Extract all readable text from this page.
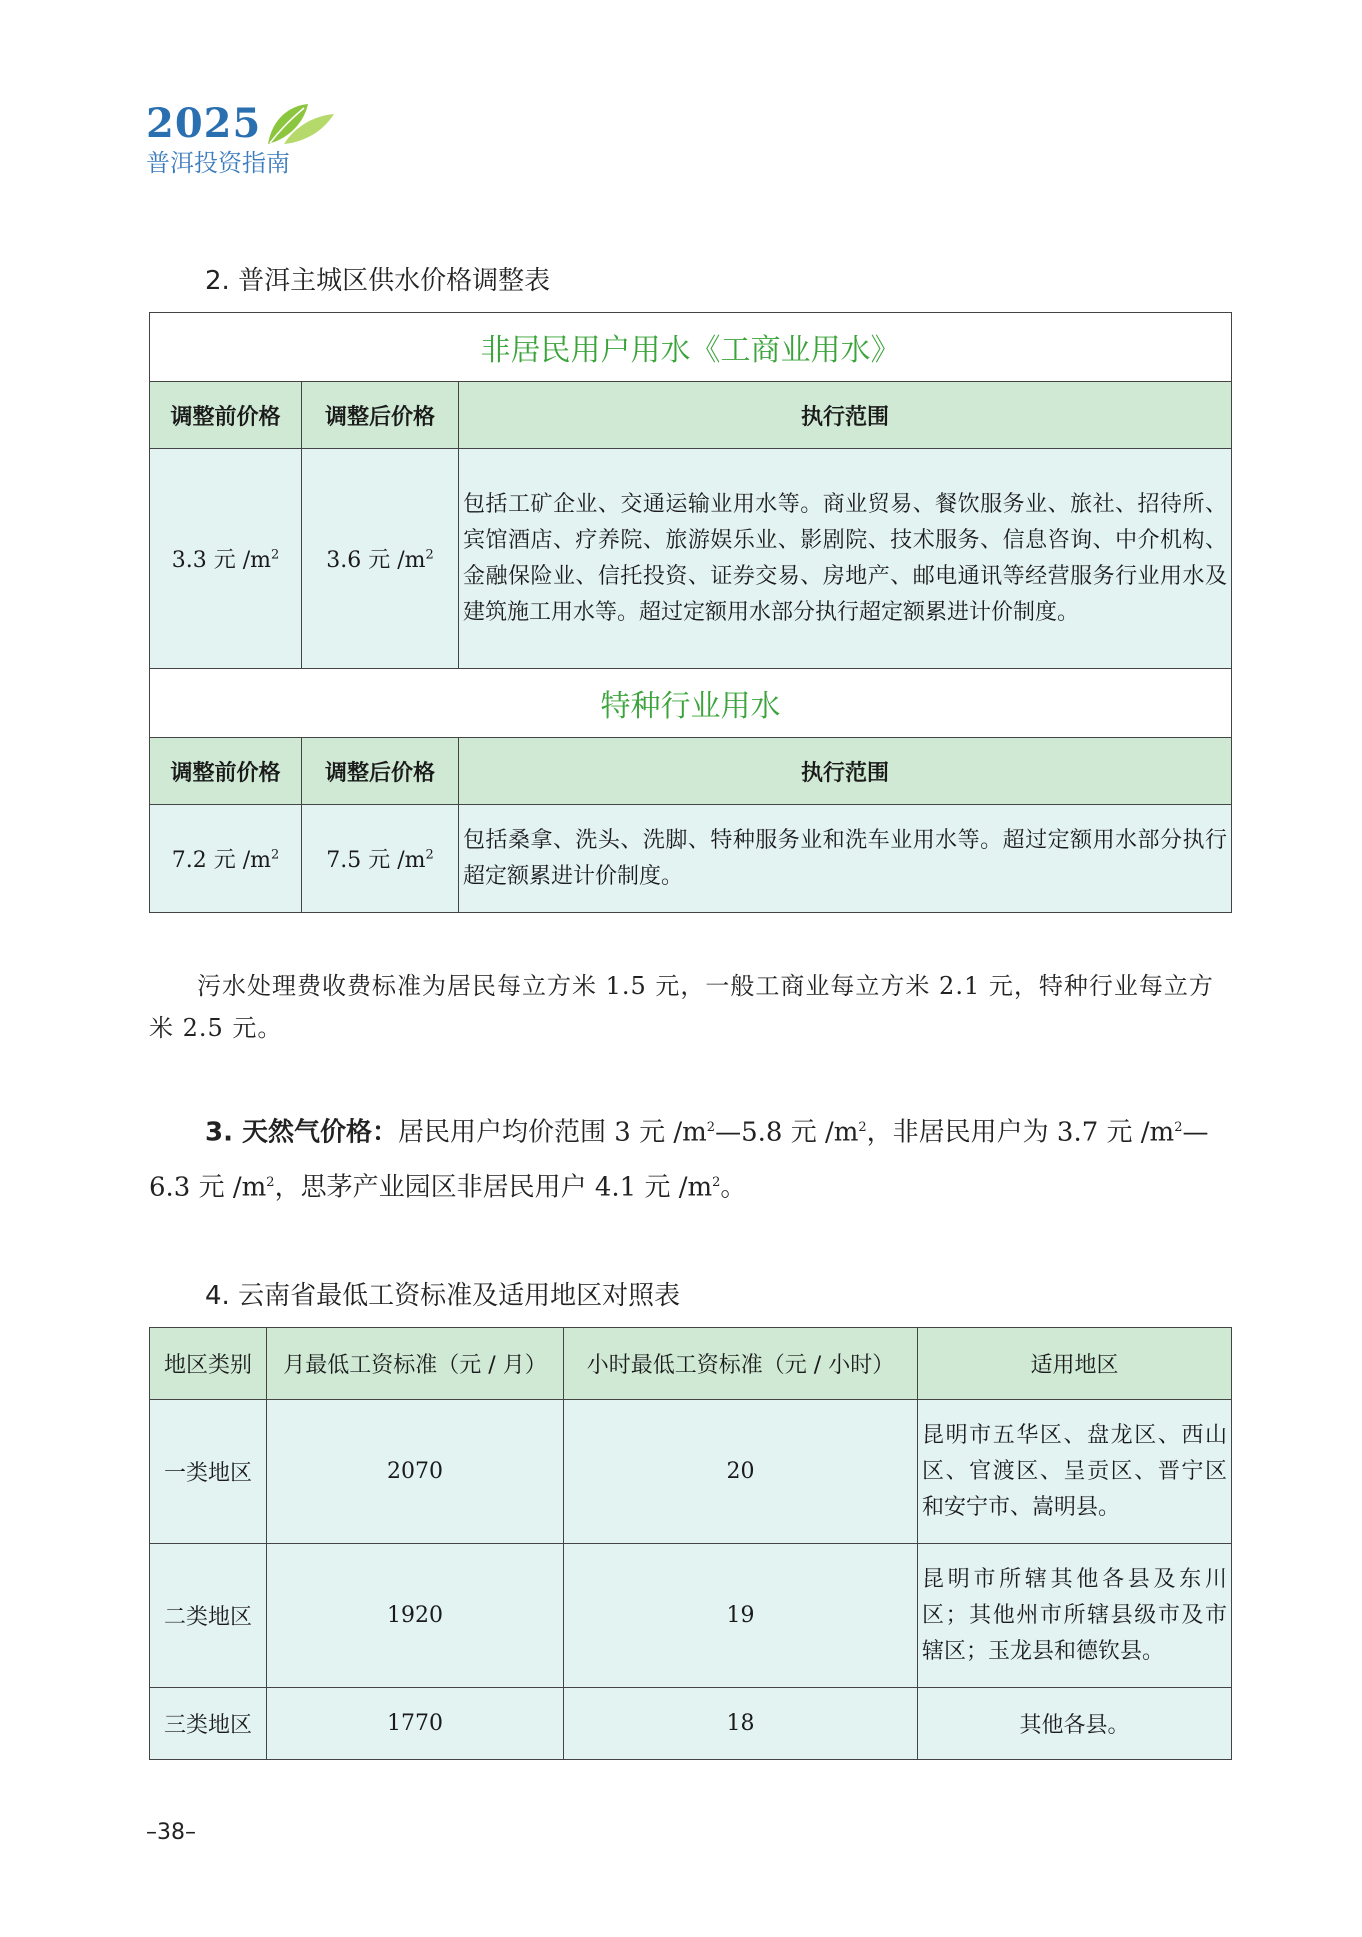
2025
普洱投资指南
2. 普洱主城区供水价格调整表
非居民用户用水《工商业用水》		
调整前价格	调整后价格	执行范围
3.3 元 $/m^2$	3.6 元 $/m^2$	包括工矿企业、交通运输业用水等。商业贸易、餐饮服务业、旅社、招待所、宾馆酒店、疗养院、旅游娱乐业、影剧院、技术服务、信息咨询、中介机构、金融保险业、信托投资、证券交易、房地产、邮电通讯等经营服务行业用水及建筑施工用水等。超过定额用水部分执行超定额累进计价制度。
特种行业用水		
调整前价格	调整后价格	执行范围
7.2 元 $/m^2$	7.5 元 $/m^2$	包括桑拿、洗头、洗脚、特种服务业和洗车业用水等。超过定额用水部分执行超定额累进计价制度。
污水处理费收费标准为居民每立方米 1.5 元，一般工商业每立方米 2.1 元，特种行业每立方米 2.5 元。
3. 天然气价格：居民用户均价范围 3 元 $/m^2—5.8$ 元 $/m^2$，非居民用户为 3.7 元 $/m^2—6.3$ 元 $/m^2$，思茅产业园区非居民用户 4.1 元 $/m^2$。
4. 云南省最低工资标准及适用地区对照表
地区类别	月最低工资标准（元 / 月）	小时最低工资标准（元 / 小时）	适用地区
一类地区	2070	20	昆明市五华区、盘龙区、西山区、官渡区、呈贡区、晋宁区和安宁市、嵩明县。
二类地区	1920	19	昆明市所辖其他各县及东川区；其他州市所辖县级市及市辖区；玉龙县和德钦县。
三类地区	1770	18	其他各县。
–38–
